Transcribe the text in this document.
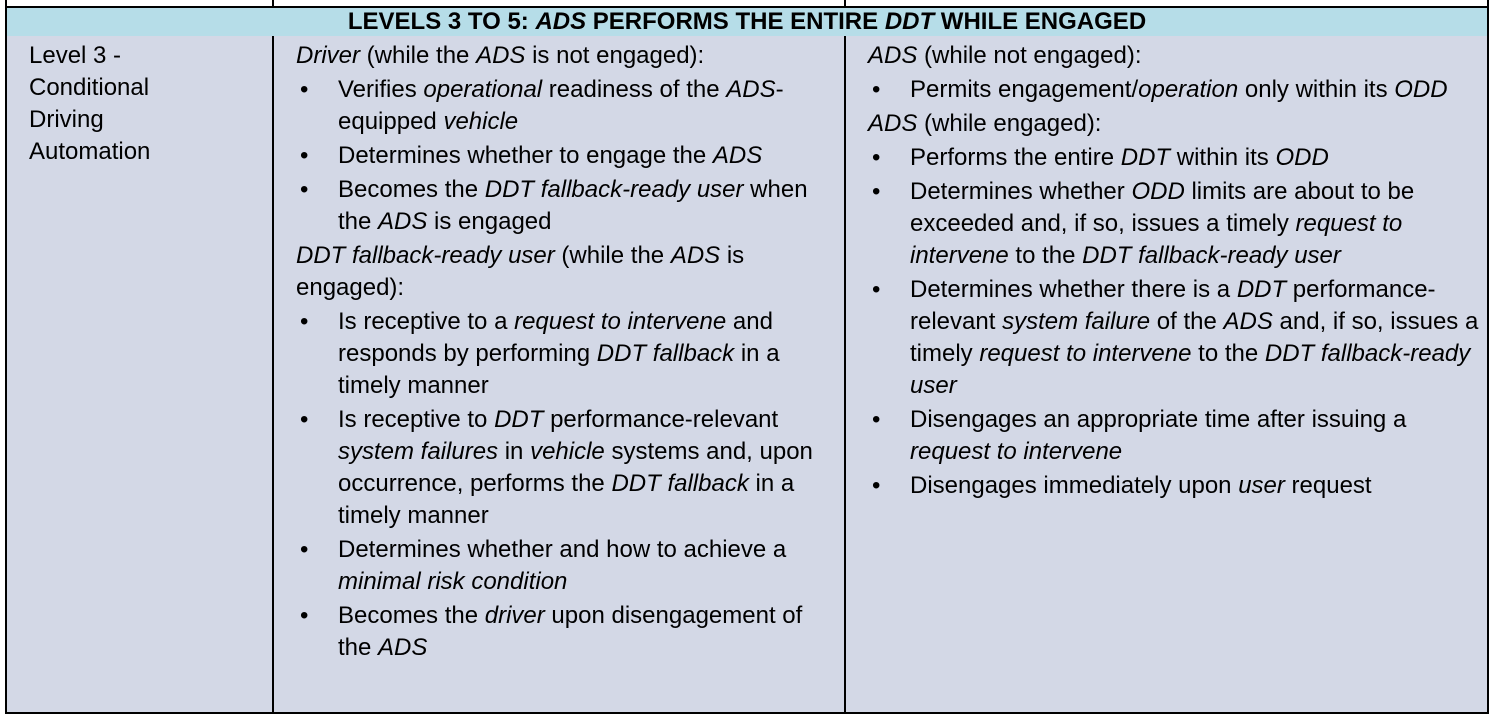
LEVELS 3 TO 5: ADS PERFORMS THE ENTIRE DDT WHILE ENGAGED
Level 3 -
Conditional
Driving
Automation

Driver (while the ADS is not engaged):

• Verifies operational readiness of the ADS-equipped vehicle
• Determines whether to engage the ADS
• Becomes the DDT fallback-ready user when the ADS is engaged

DDT fallback-ready user (while the ADS is engaged):

• Is receptive to a request to intervene and responds by performing DDT fallback in a timely manner
• Is receptive to DDT performance-relevant system failures in vehicle systems and, upon occurrence, performs the DDT fallback in a timely manner
• Determines whether and how to achieve a minimal risk condition
• Becomes the driver upon disengagement of the ADS

ADS (while not engaged):

• Permits engagement/operation only within its ODD

ADS (while engaged):

• Performs the entire DDT within its ODD
• Determines whether ODD limits are about to be exceeded and, if so, issues a timely request to intervene to the DDT fallback-ready user
• Determines whether there is a DDT performance-relevant system failure of the ADS and, if so, issues a timely request to intervene to the DDT fallback-ready user
• Disengages an appropriate time after issuing a request to intervene
• Disengages immediately upon user request
